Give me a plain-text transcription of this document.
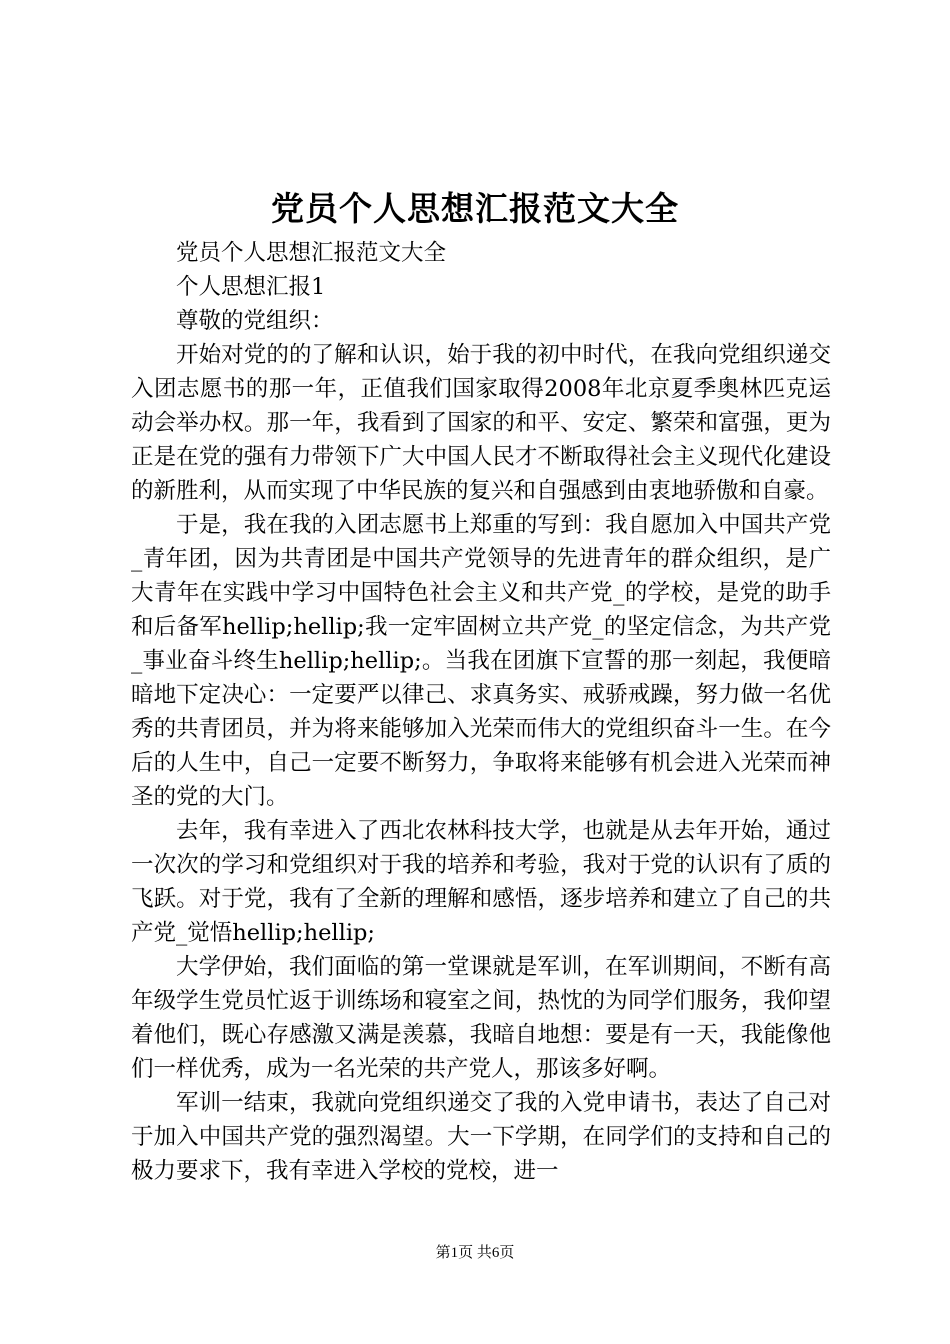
党员个人思想汇报范文大全

党员个人思想汇报范文大全

个人思想汇报1

尊敬的党组织：

开始对党的的了解和认识，始于我的初中时代，在我向党组织递交入团志愿书的那一年，正值我们国家取得2008年北京夏季奥林匹克运动会举办权。那一年，我看到了国家的和平、安定、繁荣和富强，更为正是在党的强有力带领下广大中国人民才不断取得社会主义现代化建设的新胜利，从而实现了中华民族的复兴和自强感到由衷地骄傲和自豪。

于是，我在我的入团志愿书上郑重的写到：我自愿加入中国共产党_青年团，因为共青团是中国共产党领导的先进青年的群众组织，是广大青年在实践中学习中国特色社会主义和共产党_的学校，是党的助手和后备军hellip;hellip;我一定牢固树立共产党_的坚定信念，为共产党_事业奋斗终生hellip;hellip;。当我在团旗下宣誓的那一刻起，我便暗暗地下定决心：一定要严以律己、求真务实、戒骄戒躁，努力做一名优秀的共青团员，并为将来能够加入光荣而伟大的党组织奋斗一生。在今后的人生中，自己一定要不断努力，争取将来能够有机会进入光荣而神圣的党的大门。

去年，我有幸进入了西北农林科技大学，也就是从去年开始，通过一次次的学习和党组织对于我的培养和考验，我对于党的认识有了质的飞跃。对于党，我有了全新的理解和感悟，逐步培养和建立了自己的共产党_觉悟hellip;hellip;

大学伊始，我们面临的第一堂课就是军训，在军训期间，不断有高年级学生党员忙返于训练场和寝室之间，热忱的为同学们服务，我仰望着他们，既心存感激又满是羡慕，我暗自地想：要是有一天，我能像他们一样优秀，成为一名光荣的共产党人，那该多好啊。

军训一结束，我就向党组织递交了我的入党申请书，表达了自己对于加入中国共产党的强烈渴望。大一下学期，在同学们的支持和自己的极力要求下，我有幸进入学校的党校，进一

第1页 共6页
